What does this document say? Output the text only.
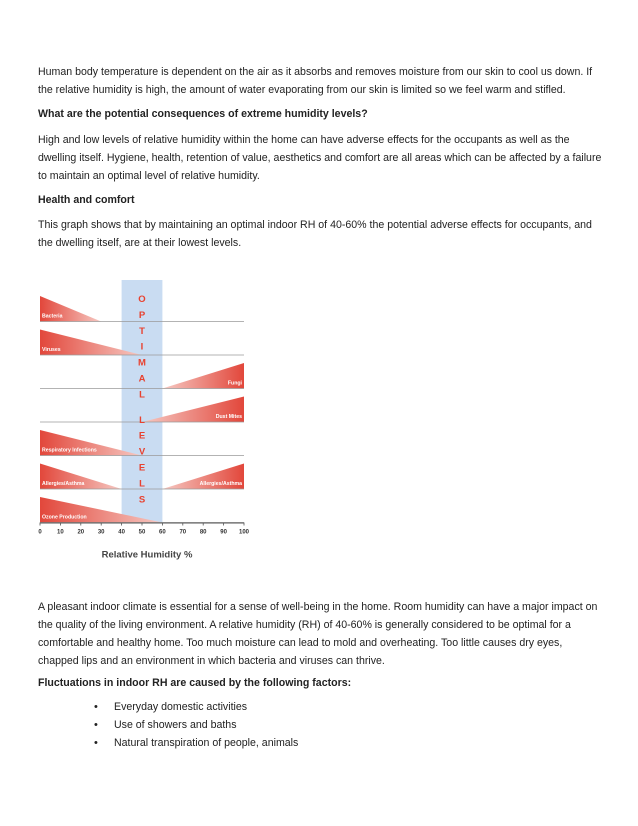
Human body temperature is dependent on the air as it absorbs and removes moisture from our skin to cool us down. If the relative humidity is high, the amount of water evaporating from our skin is limited so we feel warm and stifled.

What are the potential consequences of extreme humidity levels?

High and low levels of relative humidity within the home can have adverse effects for the occupants as well as the dwelling itself. Hygiene, health, retention of value, aesthetics and comfort are all areas which can be affected by a failure to maintain an optimal level of relative humidity.

Health and comfort

This graph shows that by maintaining an optimal indoor RH of 40-60% the potential adverse effects for occupants, and the dwelling itself, are at their lowest levels.

Bacteria
Viruses
Fungi
Dust Mites
Respiratory Infections
Allergies/Asthma	Allergies/Asthma
Ozone Production
O
P
T
I
M
A
L
L
E
V
E
L
S
0	10 20 30 40 50 60 70 80 90 100
Relative Humidity %

A pleasant indoor climate is essential for a sense of well-being in the home. Room humidity can have a major impact on the quality of the living environment. A relative humidity (RH) of 40-60% is generally considered to be optimal for a comfortable and healthy home. Too much moisture can lead to mold and overheating. Too little causes dry eyes, chapped lips and an environment in which bacteria and viruses can thrive.

Fluctuations in indoor RH are caused by the following factors:

• Everyday domestic activities
• Use of showers and baths
• Natural transpiration of people, animals
